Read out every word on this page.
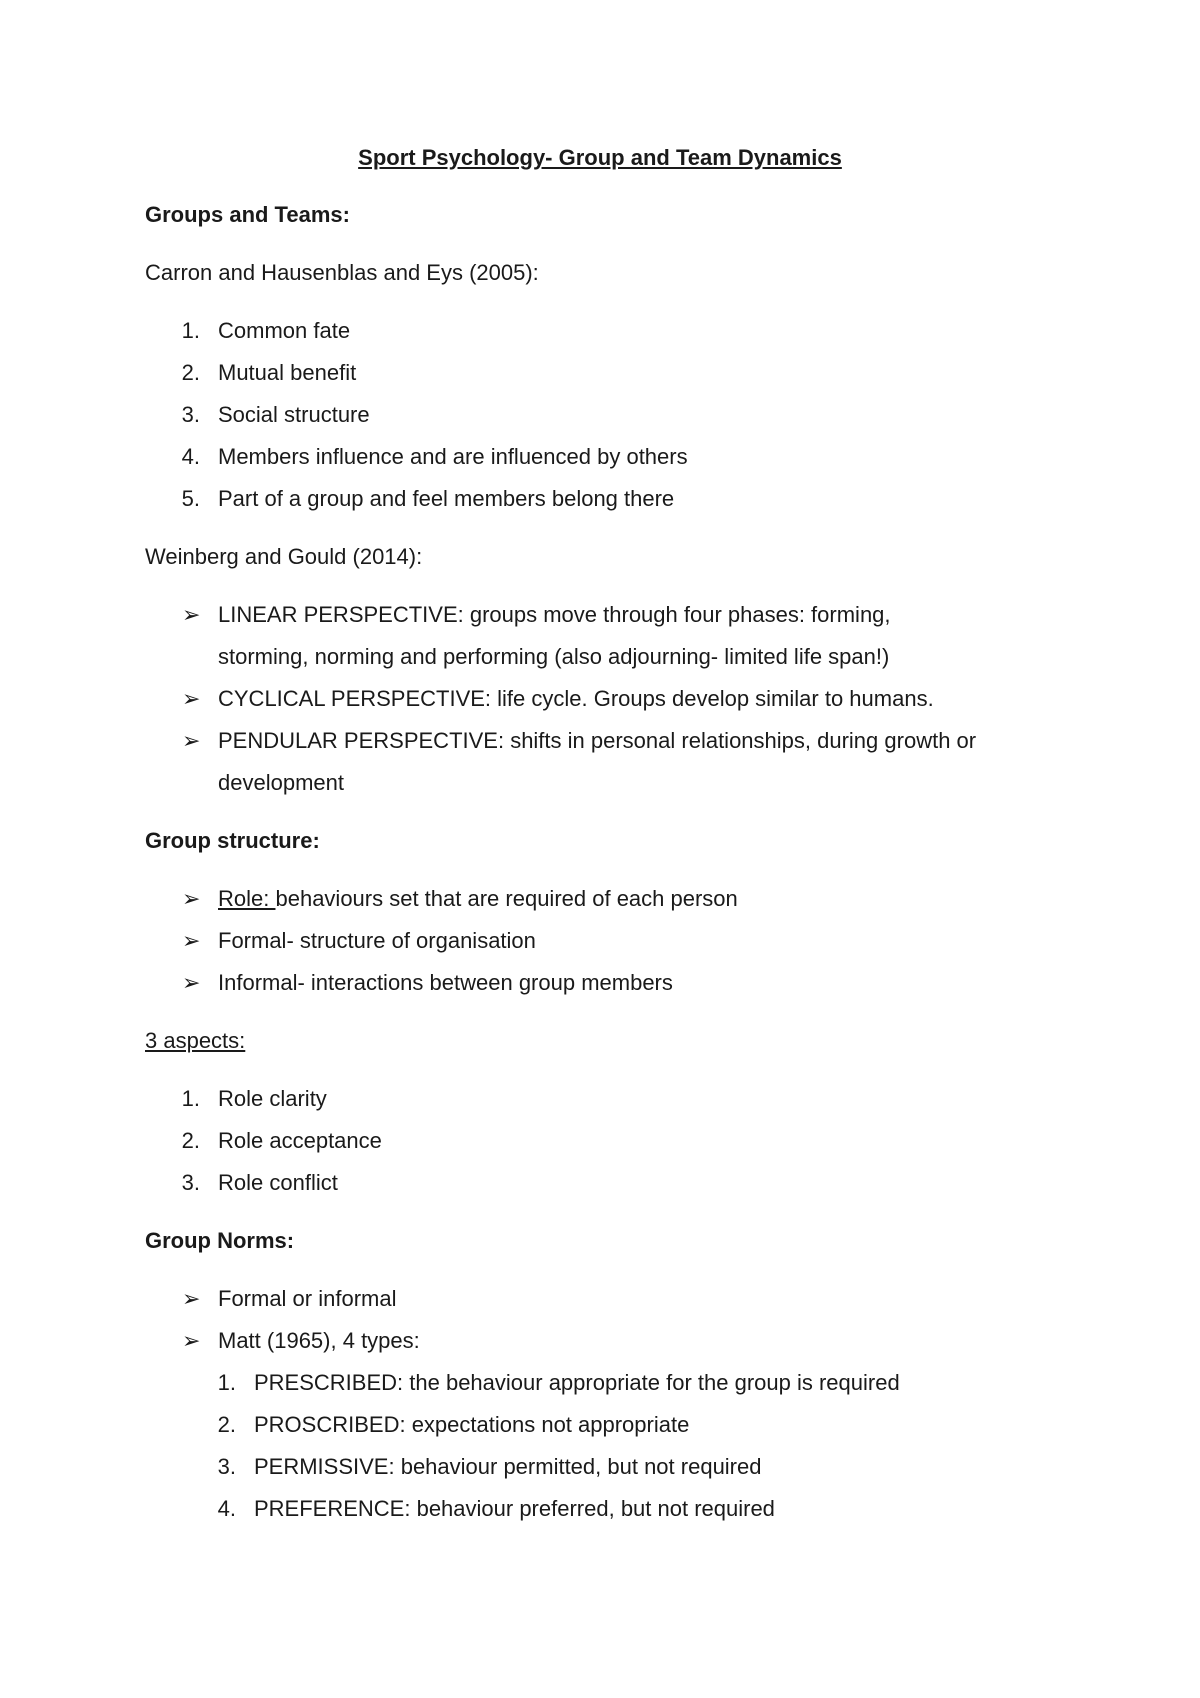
Sport Psychology- Group and Team Dynamics
Groups and Teams:
Carron and Hausenblas and Eys (2005):
1. Common fate
2. Mutual benefit
3. Social structure
4. Members influence and are influenced by others
5. Part of a group and feel members belong there
Weinberg and Gould (2014):
➢ LINEAR PERSPECTIVE: groups move through four phases: forming,
storming, norming and performing (also adjourning- limited life span!)
➢ CYCLICAL PERSPECTIVE: life cycle. Groups develop similar to humans.
➢ PENDULAR PERSPECTIVE: shifts in personal relationships, during growth or
development
Group structure:
➢ Role: behaviours set that are required of each person
➢ Formal- structure of organisation
➢ Informal- interactions between group members
3 aspects:
1. Role clarity
2. Role acceptance
3. Role conflict
Group Norms:
➢ Formal or informal
➢ Matt (1965), 4 types:
1. PRESCRIBED: the behaviour appropriate for the group is required
2. PROSCRIBED: expectations not appropriate
3. PERMISSIVE: behaviour permitted, but not required
4. PREFERENCE: behaviour preferred, but not required
